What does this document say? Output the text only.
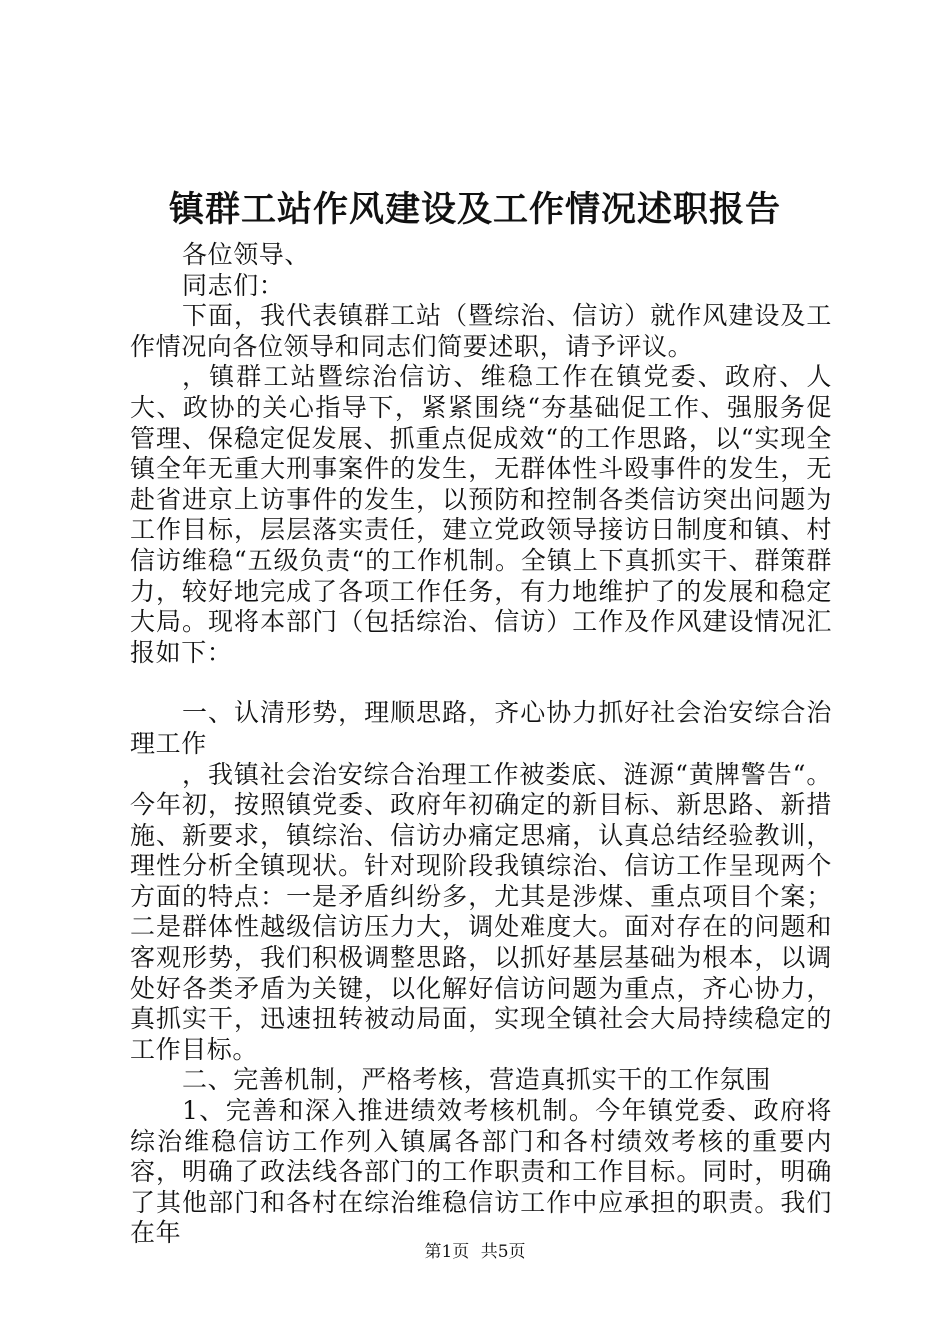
镇群工站作风建设及工作情况述职报告

各位领导、

同志们：

下面，我代表镇群工站（暨综治、信访）就作风建设及工作情况向各位领导和同志们简要述职，请予评议。

，镇群工站暨综治信访、维稳工作在镇党委、政府、人大、政协的关心指导下，紧紧围绕“夯基础促工作、强服务促管理、保稳定促发展、抓重点促成效“的工作思路，以“实现全镇全年无重大刑事案件的发生，无群体性斗殴事件的发生，无赴省进京上访事件的发生，以预防和控制各类信访突出问题为工作目标，层层落实责任，建立党政领导接访日制度和镇、村信访维稳“五级负责“的工作机制。全镇上下真抓实干、群策群力，较好地完成了各项工作任务，有力地维护了的发展和稳定大局。现将本部门（包括综治、信访）工作及作风建设情况汇报如下：

一、认清形势，理顺思路，齐心协力抓好社会治安综合治理工作

，我镇社会治安综合治理工作被娄底、涟源“黄牌警告“。今年初，按照镇党委、政府年初确定的新目标、新思路、新措施、新要求，镇综治、信访办痛定思痛，认真总结经验教训，理性分析全镇现状。针对现阶段我镇综治、信访工作呈现两个方面的特点：一是矛盾纠纷多，尤其是涉煤、重点项目个案；二是群体性越级信访压力大，调处难度大。面对存在的问题和客观形势，我们积极调整思路，以抓好基层基础为根本，以调处好各类矛盾为关键，以化解好信访问题为重点，齐心协力，真抓实干，迅速扭转被动局面，实现全镇社会大局持续稳定的工作目标。

二、完善机制，严格考核，营造真抓实干的工作氛围

1、完善和深入推进绩效考核机制。今年镇党委、政府将综治维稳信访工作列入镇属各部门和各村绩效考核的重要内容，明确了政法线各部门的工作职责和工作目标。同时，明确了其他部门和各村在综治维稳信访工作中应承担的职责。我们在年

第1页 共5页
